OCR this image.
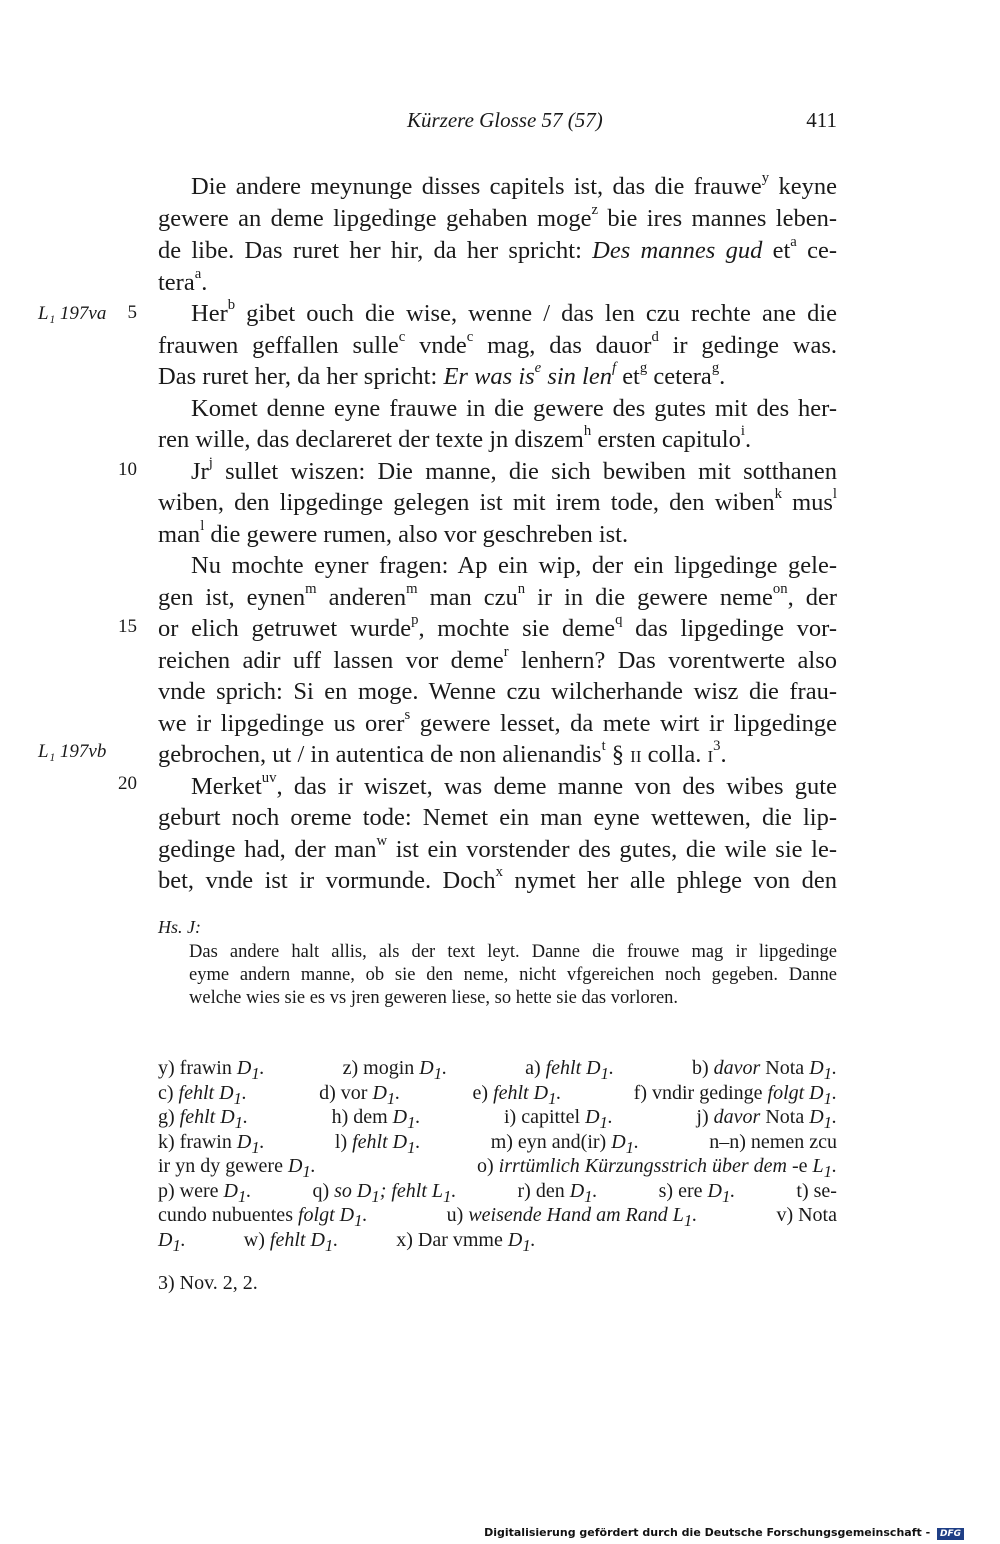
Kürzere Glosse 57 (57)	411
5
10
15
20
L₁ 197va
L₁ 197vb
Die andere meynunge disses capitels ist, das die frauwe$^y$ keyne
gewere an deme lipgedinge gehaben moge$^z$ bie ires mannes leben-
de libe. Das ruret her hir, da her spricht: Des mannes gud $et^a$ ce-
tera$^a$.
Her$^b$ gibet ouch die wise, wenne / das len czu rechte ane die
frauwen geffallen sulle$^c$ vnde$^c$ mag, das dauor$^d$ ir gedinge was.
Das ruret her, da her spricht: Er was $is^e$ sin len$^f$ $et^g$ cetera$^g$.
Komet denne eyne frauwe in die gewere des gutes mit des her-
ren wille, das declareret der texte jn diszem$^h$ ersten capitulo$^i$.
Jr$^j$ sullet wiszen: Die manne, die sich bewiben mit sotthanen
wiben, den lipgedinge gelegen ist mit irem tode, den wiben$^k$ mus$^l$
man$^l$ die gewere rumen, also vor geschreben ist.
Nu mochte eyner fragen: Ap ein wip, der ein lipgedinge gele-
gen ist, eynen$^m$ anderen$^m$ man czu$^n$ ir in die gewere neme$^{on}$, der
or elich getruwet wurde$^p$, mochte sie deme$^q$ das lipgedinge vor-
reichen adir uff lassen vor deme$^r$ lenhern? Das vorentwerte also
vnde sprich: Si en moge. Wenne czu wilcherhande wisz die frau-
we ir lipgedinge us orer$^s$ gewere lesset, da mete wirt ir lipgedinge
gebrochen, ut / in autentica de non alienandis$^t$ § ii colla. $i^3$.
Merket$^{uv}$, das ir wiszet, was deme manne von des wibes gute
geburt noch oreme tode: Nemet ein man eyne wettewen, die lip-
gedinge had, der man$^w$ ist ein vorstender des gutes, die wile sie le-
bet, vnde ist ir vormunde. Doch$^x$ nymet her alle phlege von den
Hs. J:
Das andere halt allis, als der text leyt. Danne die frouwe mag ir lipgedinge
eyme andern manne, ob sie den neme, nicht vfgereichen noch gegeben. Danne
welche wies sie es vs jren geweren liese, so hette sie das vorloren.
y) frawin $D_1$.	z) mogin $D_1$.	a) fehlt $D_1$.	b) davor Nota $D_1$.
c) fehlt $D_1$.	d) vor $D_1$.	e) fehlt $D_1$.	f) vndir gedinge folgt $D_1$.
g) fehlt $D_1$.	h) dem $D_1$.	i) capittel $D_1$.	j) davor Nota $D_1$.
k) frawin $D_1$.	l) fehlt $D_1$.	m) eyn and(ir) $D_1$.	n–n) nemen zcu
ir yn dy gewere $D_1$.	o) irrtümlich Kürzungsstrich über dem -e $L_1$.
p) were $D_1$.	q) so $D_1$; fehlt $L_1$.	r) den $D_1$.	s) ere $D_1$.	t) se-
cundo nubuentes folgt $D_1$.	u) weisende Hand am Rand $L_1$.	v) Nota
$D_1$.	w) fehlt $D_1$.	x) Dar vmme $D_1$.
3) Nov. 2, 2.
Digitalisierung gefördert durch die Deutsche Forschungsgemeinschaft - DFG
